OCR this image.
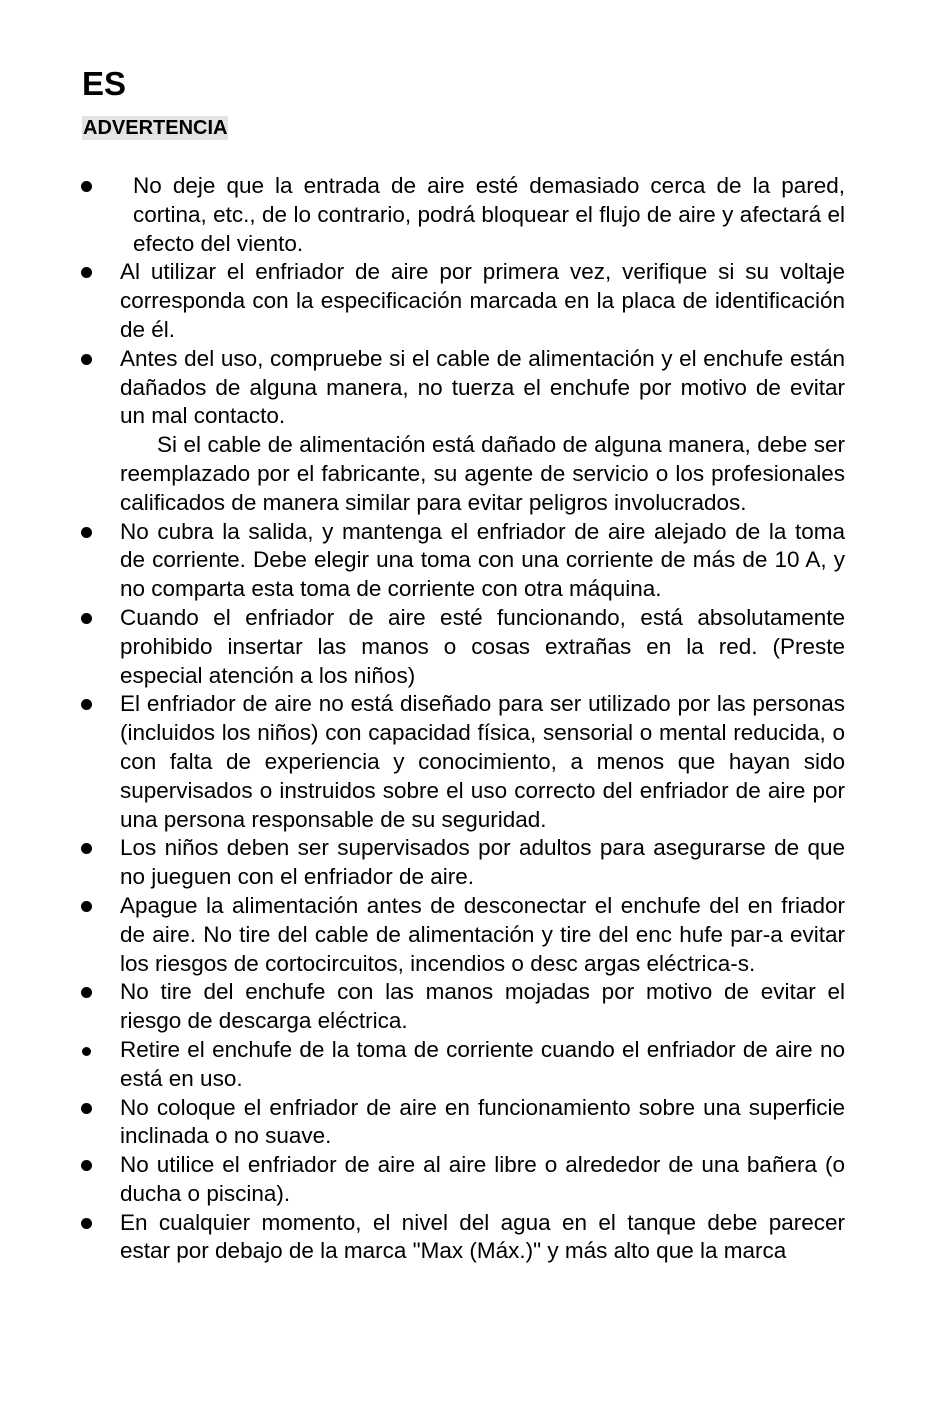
ES
ADVERTENCIA
No deje que la entrada de aire esté demasiado cerca de la pared, cortina, etc., de lo contrario, podrá bloquear el flujo de aire y afectará el efecto del viento.
Al utilizar el enfriador de aire por primera vez, verifique si su voltaje corresponda con la especificación marcada en la placa de identificación de él.
Antes del uso, compruebe si el cable de alimentación y el enchufe están dañados de alguna manera, no tuerza el enchufe por motivo de evitar un mal contacto.
Si el cable de alimentación está dañado de alguna manera, debe ser reemplazado por el fabricante, su agente de servicio o los profesionales calificados de manera similar para evitar peligros involucrados.
No cubra la salida, y mantenga el enfriador de aire alejado de la toma de corriente. Debe elegir una toma con una corriente de más de 10 A, y no comparta esta toma de corriente con otra máquina.
Cuando el enfriador de aire esté funcionando, está absolutamente prohibido insertar las manos o cosas extrañas en la red. (Preste especial atención a los niños)
El enfriador de aire no está diseñado para ser utilizado por las personas (incluidos los niños) con capacidad física, sensorial o mental reducida, o con falta de experiencia y conocimiento, a menos que hayan sido supervisados o instruidos sobre el uso correcto del enfriador de aire por una persona responsable de su seguridad.
Los niños deben ser supervisados por adultos para asegurarse de que no jueguen con el enfriador de aire.
Apague la alimentación antes de desconectar el enchufe del en friador de aire. No tire del cable de alimentación y tire del enc hufe par-a evitar los riesgos de cortocircuitos, incendios o desc argas eléctrica-s.
No tire del enchufe con las manos mojadas por motivo de evitar el riesgo de descarga eléctrica.
Retire el enchufe de la toma de corriente cuando el enfriador de aire no está en uso.
No coloque el enfriador de aire en funcionamiento sobre una superficie inclinada o no suave.
No utilice el enfriador de aire al aire libre o alrededor de una bañera (o ducha o piscina).
En cualquier momento, el nivel del agua en el tanque debe parecer estar por debajo de la marca "Max (Máx.)" y más alto que la marca
